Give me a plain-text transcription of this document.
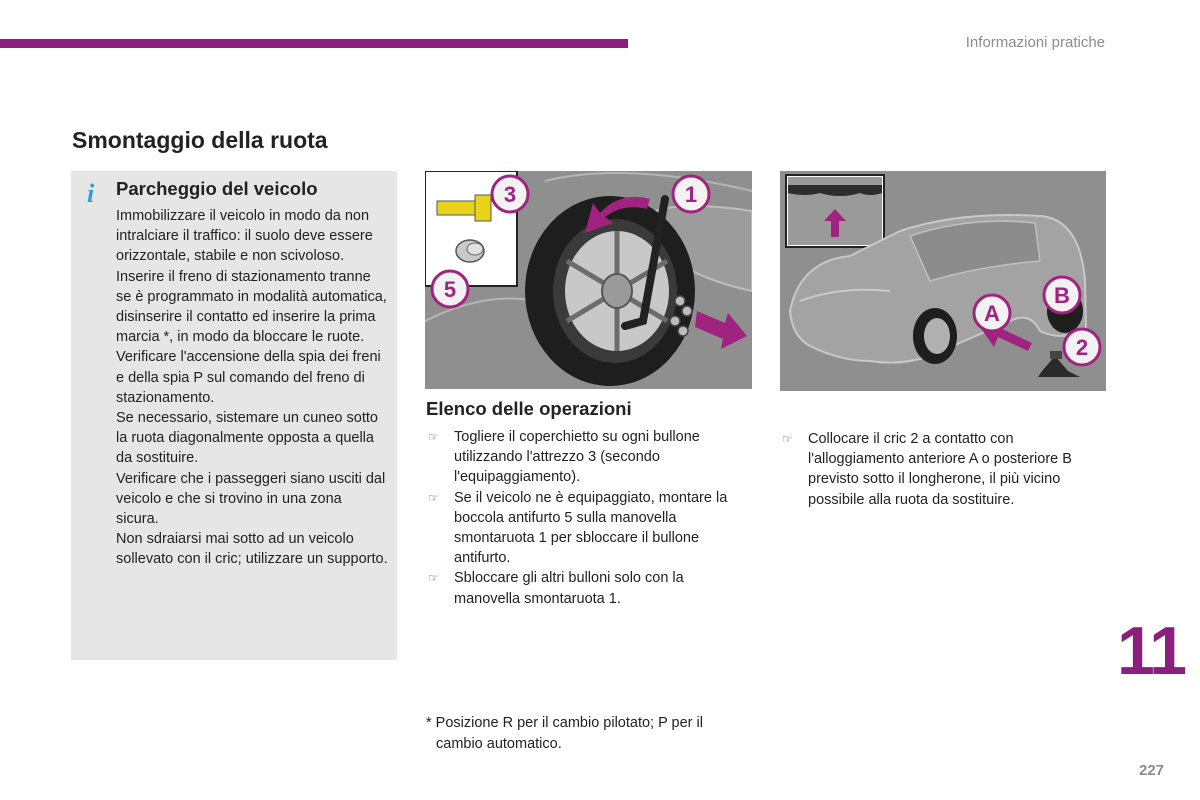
Informazioni pratiche
Smontaggio della ruota
i Parcheggio del veicolo

Immobilizzare il veicolo in modo da non intralciare il traffico: il suolo deve essere orizzontale, stabile e non scivoloso.

Inserire il freno di stazionamento tranne se è programmato in modalità automatica, disinserire il contatto ed inserire la prima marcia *, in modo da bloccare le ruote.

Verificare l'accensione della spia dei freni e della spia P sul comando del freno di stazionamento.

Se necessario, sistemare un cuneo sotto la ruota diagonalmente opposta a quella da sostituire.

Verificare che i passeggeri siano usciti dal veicolo e che si trovino in una zona sicura.

Non sdraiarsi mai sotto ad un veicolo sollevato con il cric; utilizzare un supporto.

3	1
5
A
B
2
Elenco delle operazioni
☞ Togliere il coperchietto su ogni bullone utilizzando l'attrezzo 3 (secondo l'equipaggiamento).
☞ Se il veicolo ne è equipaggiato, montare la boccola antifurto 5 sulla manovella smontaruota 1 per sbloccare il bullone antifurto.
☞ Sbloccare gli altri bulloni solo con la manovella smontaruota 1.
☞ Collocare il cric 2 a contatto con l'alloggiamento anteriore A o posteriore B previsto sotto il longherone, il più vicino possibile alla ruota da sostituire.
* Posizione R per il cambio pilotato; P per il
cambio automatico.
11
227
